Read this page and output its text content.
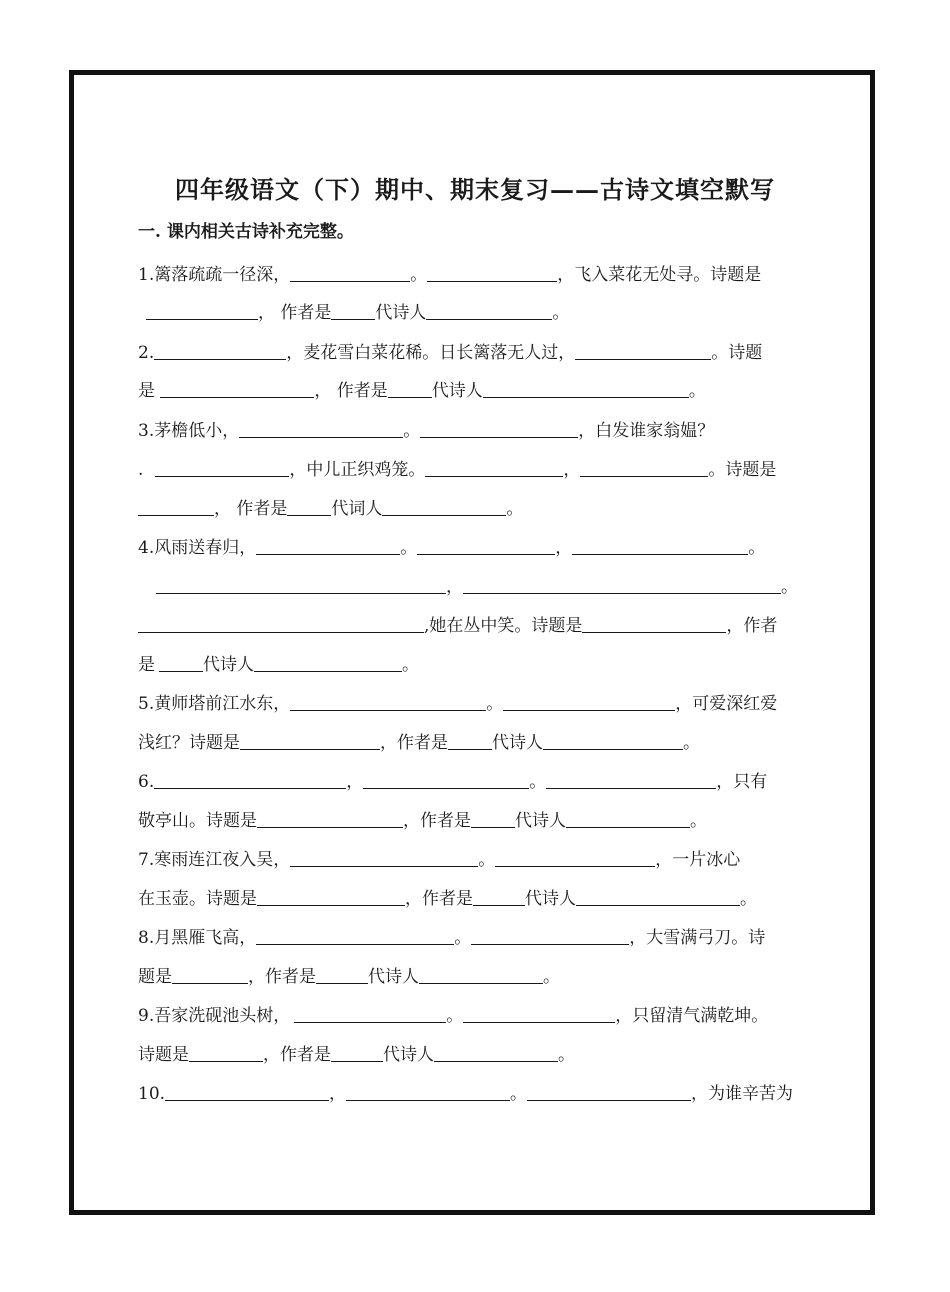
四年级语文（下）期中、期末复习——古诗文填空默写
一. 课内相关古诗补充完整。
1.篱落疏疏一径深，	。	，飞入菜花无处寻。诗题是
， 作者是	代诗人	。
2.	，麦花雪白菜花稀。日长篱落无人过，	。诗题
是	， 作者是	代诗人	。
3.茅檐低小，	。	，白发谁家翁媪？
.	，中儿正织鸡笼。	，	。诗题是
， 作者是	代词人	。
4.风雨送春归，	。	，	。
，	。
,她在丛中笑。诗题是	，作者
是	代诗人	。
5.黄师塔前江水东，	。	，可爱深红爱
浅红？诗题是	，作者是	代诗人	。
6.	，	。	，只有
敬亭山。诗题是	，作者是	代诗人	。
7.寒雨连江夜入吴，	。	，一片冰心
在玉壶。诗题是	，作者是	代诗人	。
8.月黑雁飞高，	。	，大雪满弓刀。诗
题是	，作者是	代诗人	。
9.吾家洗砚池头树，	。	，只留清气满乾坤。
诗题是	，作者是	代诗人	。
10.	，	。	，为谁辛苦为
